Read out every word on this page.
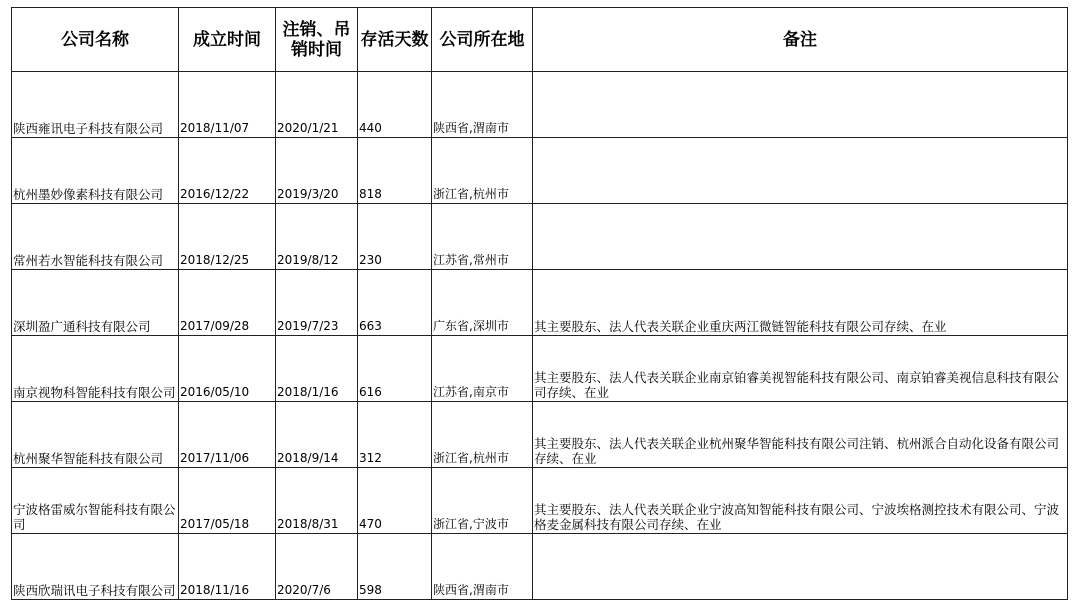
公司名称	成立时间	注销、吊销时间	存活天数	公司所在地	备注
陕西雍讯电子科技有限公司	2018/11/07	2020/1/21	440	陕西省,渭南市	
杭州墨妙像素科技有限公司	2016/12/22	2019/3/20	818	浙江省,杭州市	
常州若水智能科技有限公司	2018/12/25	2019/8/12	230	江苏省,常州市	
深圳盈广通科技有限公司	2017/09/28	2019/7/23	663	广东省,深圳市	其主要股东、法人代表关联企业重庆两江微链智能科技有限公司存续、在业
南京视物科智能科技有限公司	2016/05/10	2018/1/16	616	江苏省,南京市	其主要股东、法人代表关联企业南京铂睿美视智能科技有限公司、南京铂睿美视信息科技有限公司存续、在业
杭州聚华智能科技有限公司	2017/11/06	2018/9/14	312	浙江省,杭州市	其主要股东、法人代表关联企业杭州聚华智能科技有限公司注销、杭州派合自动化设备有限公司存续、在业
宁波格雷威尔智能科技有限公司	2017/05/18	2018/8/31	470	浙江省,宁波市	其主要股东、法人代表关联企业宁波高知智能科技有限公司、宁波埃格测控技术有限公司、宁波格麦金属科技有限公司存续、在业
陕西欣瑞讯电子科技有限公司	2018/11/16	2020/7/6	598	陕西省,渭南市	
